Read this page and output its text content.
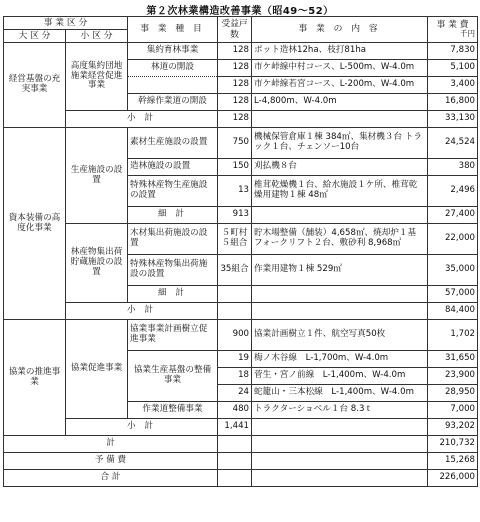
第２次林業構造改善事業（昭49〜52）
事 業 区 分		事 業 種 目	受益戸数	事 業 の 内 容	事 業 費
千円

大 区 分	小 区 分				
経営基盤の充実事業	高度集約団地施業経営促進事業	集約育林事業	128	ポット造林12ha、枝打81ha	7,830
		林道の開設	128	市ケ峠線中村コース、L-500m、W-4.0m	5,100
			128	市ケ峠線若宮コース、L-200m、W-4.0m	3,400
		幹線作業道の開設	128	L-4,800m、W-4.0m	16,800
	小 計		128		33,130
資本装備の高度化事業	生産施設の設置	素材生産施設の設置	750	機械保管倉庫１棟 384㎡、集材機３台 トラック１台、チェンソー10台	24,524
		造林施設の設置	150	刈払機８台	380
		特殊林産物生産施設の設置	13	椎茸乾燥機１台、給水施設１ケ所、椎茸乾燥用建物１棟 48㎡	2,496
		細 計	913		27,400
	林産物集出荷貯蔵施設の設置	木材集出荷施設の設置	５町村 ５組合	貯木場整備（舗装）4,658㎡、焼却炉１基 フォークリフト２台、敷砂利 8,968㎡	22,000
		特殊林産物集出荷施設の設置	35組合	作業用建物１棟 529㎡	35,000
		細 計			57,000
	小 計				84,400
協業の推進事業	協業促進事業	協業事業計画樹立促進事業	900	協業計画樹立１件、航空写真50枚	1,702
		協業生産基盤の整備事業	19	梅ノ木谷線　L-1,700m、W-4.0m	31,650
			18	菅生・宮ノ前線　L-1,400m、W-4.0m	23,900
			24	蛇籠山・三本松線　L-1,400m、W-4.0m	28,950
		作業道整備事業	480	トラクターショベル１台 8.3ｔ	7,000
	小 計		1,441		93,202
計					210,732
予 備 費					15,268
合 計					226,000
